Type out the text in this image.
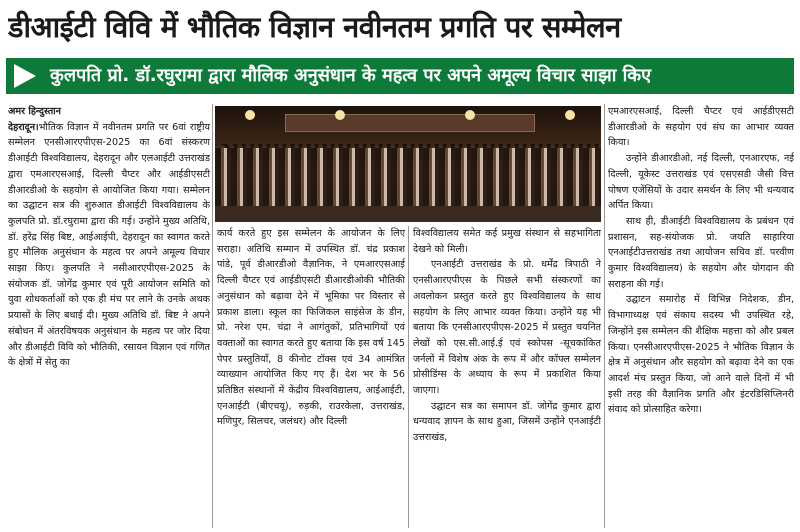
डीआईटी विवि में भौतिक विज्ञान नवीनतम प्रगति पर सम्मेलन
कुलपति प्रो. डॉ.रघुरामा द्वारा मौलिक अनुसंधान के महत्व पर अपने अमूल्य विचार साझा किए

अमर हिन्दुस्तान

देहरादून।भौतिक विज्ञान में नवीनतम प्रगति पर 6वां राष्ट्रीय सम्मेलन एनसीआरएपीएस-2025 का 6वां संस्करण डीआईटी विश्वविद्यालय, देहरादून और एलआईटी उत्तराखंड द्वारा एमआरएसआई, दिल्ली चैप्टर और आईडीएसटी डीआरडीओ के सहयोग से आयोजित किया गया। सम्मेलन का उद्घाटन सत्र की शुरुआत डीआईटी विश्वविद्यालय के कुलपति प्रो. डॉ.रघुरामा द्वारा की गई। उन्होंने मुख्य अतिथि, डॉ. हरेंद्र सिंह बिष्ट, आईआईपी, देहरादून का स्वागत करते हुए मौलिक अनुसंधान के महत्व पर अपने अमूल्य विचार साझा किए। कुलपति ने नसीआरएपीएस-2025 के संयोजक डॉ. जोगेंद्र कुमार एवं पूरी आयोजन समिति को युवा शोधकर्ताओं को एक ही मंच पर लाने के उनके अथक प्रयासों के लिए बधाई दी। मुख्य अतिथि डॉ. बिष्ट ने अपने संबोधन में अंतरविषयक अनुसंधान के महत्व पर जोर दिया और डीआईटी विवि को भौतिकी, रसायन विज्ञान एवं गणित के क्षेत्रों में सेतु का

कार्य करते हुए इस सम्मेलन के आयोजन के लिए सराहा। अतिथि सम्मान में उपस्थित डॉ. चंद्र प्रकाश पांडे, पूर्व डीआरडीओ वैज्ञानिक, ने एमआरएसआई दिल्ली चैप्टर एवं आईडीएसटी डीआरडीओकी भौतिकी अनुसंधान को बढ़ावा देने में भूमिका पर विस्तार से प्रकाश डाला। स्कूल का फिजिकल साइंसेज के डीन, प्रो. नरेश एम. चंद्रा ने आगंतुकों, प्रतिभागियों एवं वक्ताओं का स्वागत करते हुए बताया कि इस वर्ष 145 पेपर प्रस्तुतियाँ, 8 कीनोट टॉक्स एवं 34 आमंत्रित व्याख्यान आयोजित किए गए हैं। देश भर के 56 प्रतिष्ठित संस्थानों में केंद्रीय विश्वविद्यालय, आईआईटी, एनआईटी (बीएचयू), रुड़की, राउरकेला, उत्तराखंड, मणिपुर, सिलचर, जलंधर) और दिल्ली

विश्वविद्यालय समेत कई प्रमुख संस्थान से सहभागिता देखने को मिली।

एनआईटी उत्तराखंड के प्रो. धर्मेंद्र त्रिपाठी ने एनसीआरएपीएस के पिछले सभी संस्करणों का अवलोकन प्रस्तुत करते हुए विश्वविद्यालय के साथ सहयोग के लिए आभार व्यक्त किया। उन्होंने यह भी बताया कि एनसीआरएपीएस-2025 में प्रस्तुत चयनित लेखों को एस.सी.आई.ई एवं स्कोपस -सूचकांकित जर्नलों में विशेष अंक के रूप में और कॉफ्ल सम्मेलन प्रोसीडिंग्स के अध्याय के रूप में प्रकाशित किया जाएगा।

उद्घाटन सत्र का समापन डॉ. जोगेंद्र कुमार द्वारा धन्यवाद ज्ञापन के साथ हुआ, जिसमें उन्होंने एनआईटी उत्तराखंड,

एमआरएसआई, दिल्ली चैप्टर एवं आईडीएसटी डीआरडीओ के सहयोग एवं संघ का आभार व्यक्त किया।

उन्होंने डीआरडीओ, नई दिल्ली, एनआरएफ, नई दिल्ली, यूकेस्ट उत्तराखंड एवं एसएसडी जैसी वित्त पोषण एजेंसियों के उदार समर्थन के लिए भी धन्यवाद अर्पित किया।

साथ ही, डीआईटी विश्वविद्यालय के प्रबंधन एवं प्रशासन, सह-संयोजक प्रो. जयति साहारिया एनआईटीउत्तराखंड तथा आयोजन सचिव डॉ. परवीण कुमार विश्वविद्यालय) के सहयोग और योगदान की सराहना की गई।

उद्घाटन समारोह में विभिन्न निदेशक, डीन, विभागाध्यक्ष एवं संकाय सदस्य भी उपस्थित रहे, जिन्होंने इस सम्मेलन की शैक्षिक महत्ता को और प्रबल किया। एनसीआरएपीएस-2025 ने भौतिक विज्ञान के क्षेत्र में अनुसंधान और सहयोग को बढ़ावा देने का एक आदर्श मंच प्रस्तुत किया, जो आने वाले दिनों में भी इसी तरह की वैज्ञानिक प्रगति और इंटरडिसिप्लिनरी संवाद को प्रोत्साहित करेगा।
